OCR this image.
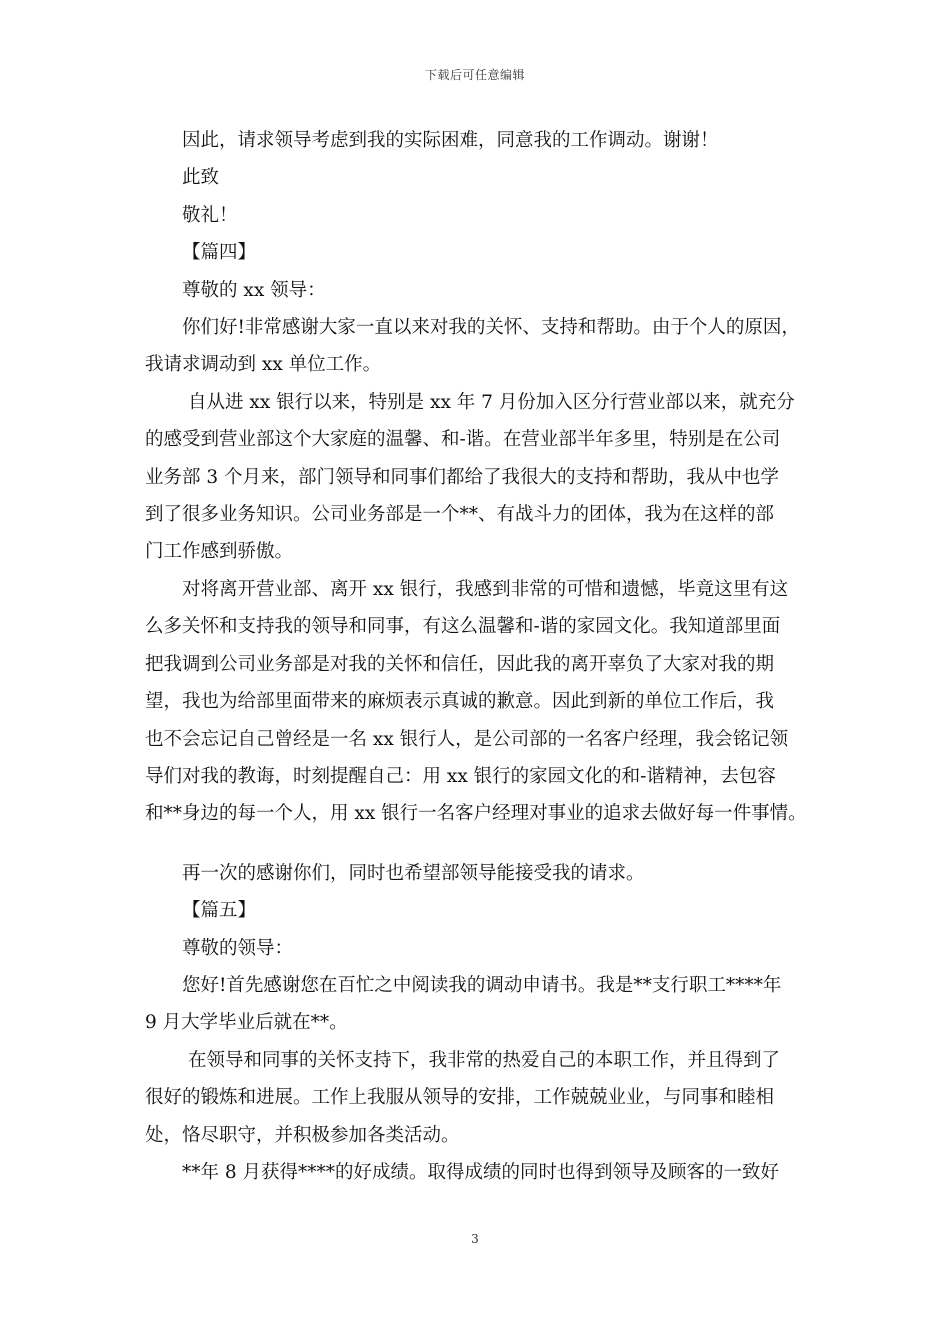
下载后可任意编辑

因此，请求领导考虑到我的实际困难，同意我的工作调动。谢谢！

此致

敬礼！

【篇四】

尊敬的 xx 领导：

你们好!非常感谢大家一直以来对我的关怀、支持和帮助。由于个人的原因，
我请求调动到 xx 单位工作。

自从进 xx 银行以来，特别是 xx 年 7 月份加入区分行营业部以来，就充分
的感受到营业部这个大家庭的温馨、和-谐。在营业部半年多里，特别是在公司
业务部 3 个月来，部门领导和同事们都给了我很大的支持和帮助，我从中也学
到了很多业务知识。公司业务部是一个**、有战斗力的团体，我为在这样的部
门工作感到骄傲。

对将离开营业部、离开 xx 银行，我感到非常的可惜和遗憾，毕竟这里有这
么多关怀和支持我的领导和同事，有这么温馨和-谐的家园文化。我知道部里面
把我调到公司业务部是对我的关怀和信任，因此我的离开辜负了大家对我的期
望，我也为给部里面带来的麻烦表示真诚的歉意。因此到新的单位工作后，我
也不会忘记自己曾经是一名 xx 银行人，是公司部的一名客户经理，我会铭记领
导们对我的教诲，时刻提醒自己：用 xx 银行的家园文化的和-谐精神，去包容
和**身边的每一个人，用 xx 银行一名客户经理对事业的追求去做好每一件事情。

再一次的感谢你们，同时也希望部领导能接受我的请求。

【篇五】

尊敬的领导：

您好!首先感谢您在百忙之中阅读我的调动申请书。我是**支行职工****年
9 月大学毕业后就在**。

在领导和同事的关怀支持下，我非常的热爱自己的本职工作，并且得到了
很好的锻炼和进展。工作上我服从领导的安排，工作兢兢业业，与同事和睦相
处，恪尽职守，并积极参加各类活动。

**年 8 月获得****的好成绩。取得成绩的同时也得到领导及顾客的一致好

3
